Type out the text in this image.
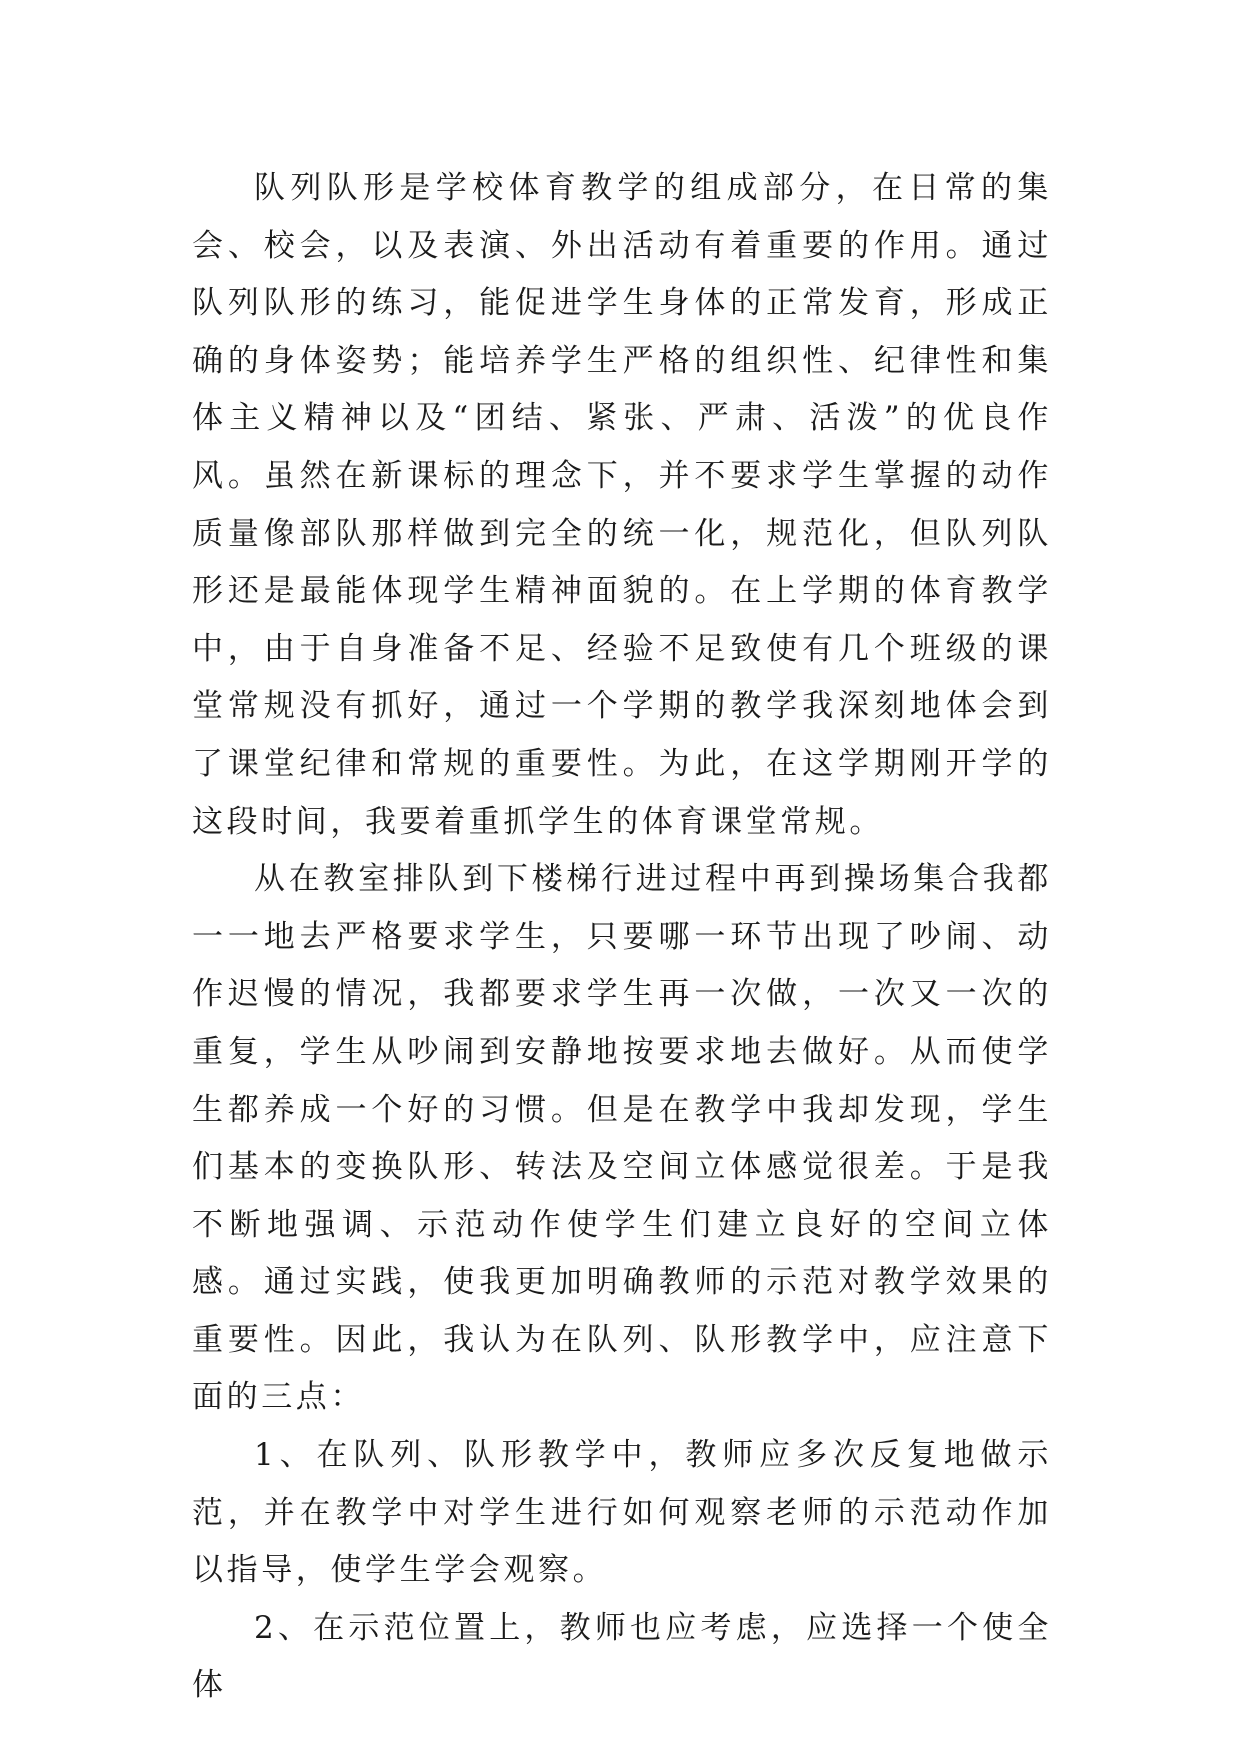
队列队形是学校体育教学的组成部分，在日常的集会、校会，以及表演、外出活动有着重要的作用。通过队列队形的练习，能促进学生身体的正常发育，形成正确的身体姿势；能培养学生严格的组织性、纪律性和集体主义精神以及“团结、紧张、严肃、活泼”的优良作风。虽然在新课标的理念下，并不要求学生掌握的动作质量像部队那样做到完全的统一化，规范化，但队列队形还是最能体现学生精神面貌的。在上学期的体育教学中，由于自身准备不足、经验不足致使有几个班级的课堂常规没有抓好，通过一个学期的教学我深刻地体会到了课堂纪律和常规的重要性。为此，在这学期刚开学的这段时间，我要着重抓学生的体育课堂常规。

从在教室排队到下楼梯行进过程中再到操场集合我都一一地去严格要求学生，只要哪一环节出现了吵闹、动作迟慢的情况，我都要求学生再一次做，一次又一次的重复，学生从吵闹到安静地按要求地去做好。从而使学生都养成一个好的习惯。但是在教学中我却发现，学生们基本的变换队形、转法及空间立体感觉很差。于是我不断地强调、示范动作使学生们建立良好的空间立体感。通过实践，使我更加明确教师的示范对教学效果的重要性。因此，我认为在队列、队形教学中，应注意下面的三点：

1、在队列、队形教学中，教师应多次反复地做示范，并在教学中对学生进行如何观察老师的示范动作加以指导，使学生学会观察。

2、在示范位置上，教师也应考虑，应选择一个使全体
